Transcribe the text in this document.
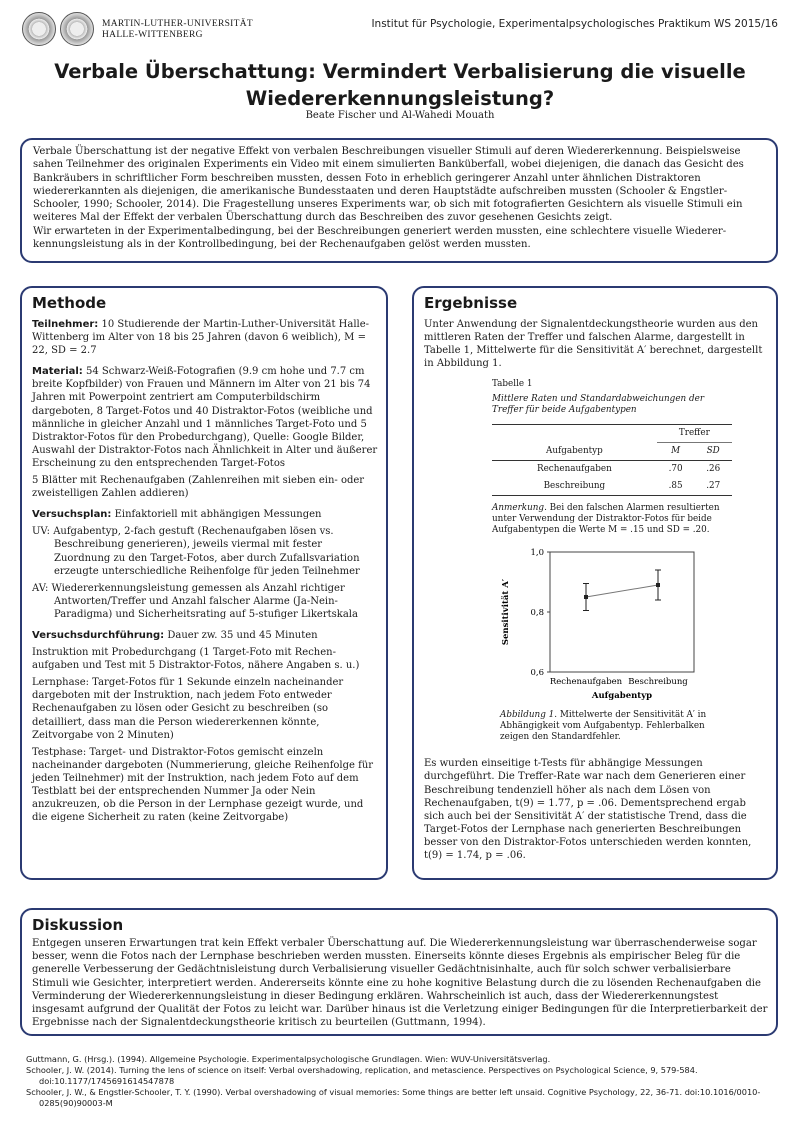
MARTIN-LUTHER-UNIVERSITÄT
HALLE-WITTENBERG
Institut für Psychologie, Experimentalpsychologisches Praktikum WS 2015/16
Verbale Überschattung: Vermindert Verbalisierung die visuelle
Wiedererkennungsleistung?
Beate Fischer und Al-Wahedi Mouath

Verbale Überschattung ist der negative Effekt von verbalen Beschreibungen visueller Stimuli auf deren Wiedererkennung. Beispielsweise sahen Teilnehmer des originalen Experiments ein Video mit einem simulierten Banküberfall, wobei diejenigen, die danach das Gesicht des Bankräubers in schriftlicher Form beschreiben mussten, dessen Foto in erheblich geringerer Anzahl unter ähnlichen Distraktoren wiedererkannten als diejenigen, die amerikanische Bundesstaaten und deren Hauptstädte aufschreiben mussten (Schooler & Engstler-Schooler, 1990; Schooler, 2014). Die Fragestellung unseres Experiments war, ob sich mit fotografierten Gesichtern als visuelle Stimuli ein weiteres Mal der Effekt der verbalen Überschattung durch das Beschreiben des zuvor gesehenen Gesichts zeigt.

Wir erwarteten in der Experimentalbedingung, bei der Beschreibungen generiert werden mussten, eine schlechtere visuelle Wiederer-kennungsleistung als in der Kontrollbedingung, bei der Rechenaufgaben gelöst werden mussten.

Methode
Teilnehmer: 10 Studierende der Martin-Luther-Universität Halle-Wittenberg im Alter von 18 bis 25 Jahren (davon 6 weiblich), M = 22, SD = 2.7
Material: 54 Schwarz-Weiß-Fotografien (9.9 cm hohe und 7.7 cm breite Kopfbilder) von Frauen und Männern im Alter von 21 bis 74 Jahren mit Powerpoint zentriert am Computerbildschirm dargeboten, 8 Target-Fotos und 40 Distraktor-Fotos (weibliche und männliche in gleicher Anzahl und 1 männliches Target-Foto und 5 Distraktor-Fotos für den Probedurchgang), Quelle: Google Bilder, Auswahl der Distraktor-Fotos nach Ähnlichkeit in Alter und äußerer Erscheinung zu den entsprechenden Target-Fotos
5 Blätter mit Rechenaufgaben (Zahlenreihen mit sieben ein- oder zweistelligen Zahlen addieren)
Versuchsplan: Einfaktoriell mit abhängigen Messungen
UV: Aufgabentyp, 2-fach gestuft (Rechenaufgaben lösen vs. Beschreibung generieren), jeweils viermal mit fester Zuordnung zu den Target-Fotos, aber durch Zufallsvariation erzeugte unterschiedliche Reihenfolge für jeden Teilnehmer
AV: Wiedererkennungsleistung gemessen als Anzahl richtiger Antworten/Treffer und Anzahl falscher Alarme (Ja-Nein-Paradigma) und Sicherheitsrating auf 5-stufiger Likertskala
Versuchsdurchführung: Dauer zw. 35 und 45 Minuten
Instruktion mit Probedurchgang (1 Target-Foto mit Rechen-aufgaben und Test mit 5 Distraktor-Fotos, nähere Angaben s. u.)
Lernphase: Target-Fotos für 1 Sekunde einzeln nacheinander dargeboten mit der Instruktion, nach jedem Foto entweder Rechenaufgaben zu lösen oder Gesicht zu beschreiben (so detailliert, dass man die Person wiedererkennen könnte, Zeitvorgabe von 2 Minuten)
Testphase: Target- und Distraktor-Fotos gemischt einzeln nacheinander dargeboten (Nummerierung, gleiche Reihenfolge für jeden Teilnehmer) mit der Instruktion, nach jedem Foto auf dem Testblatt bei der entsprechenden Nummer Ja oder Nein anzukreuzen, ob die Person in der Lernphase gezeigt wurde, und die eigene Sicherheit zu raten (keine Zeitvorgabe)
Ergebnisse
Unter Anwendung der Signalentdeckungstheorie wurden aus den mittleren Raten der Treffer und falschen Alarme, dargestellt in Tabelle 1, Mittelwerte für die Sensitivität A′ berechnet, dargestellt in Abbildung 1.
Tabelle 1
Mittlere Raten und Standardabweichungen der Treffer für beide Aufgabentypen
	Treffer	
Aufgabentyp	M	SD
Rechenaufgaben	.70	.26
Beschreibung	.85	.27
Anmerkung. Bei den falschen Alarmen resultierten unter Verwendung der Distraktor-Fotos für beide Aufgabentypen die Werte M = .15 und SD = .20.
1,0
0,8
0,6
Rechenaufgaben Beschreibung
Aufgabentyp
Sensitivität A′
Abbildung 1. Mittelwerte der Sensitivität A′ in Abhängigkeit vom Aufgabentyp. Fehlerbalken zeigen den Standardfehler.
Es wurden einseitige t-Tests für abhängige Messungen durchgeführt. Die Treffer-Rate war nach dem Generieren einer Beschreibung tendenziell höher als nach dem Lösen von Rechenaufgaben, t(9) = 1.77, p = .06. Dementsprechend ergab sich auch bei der Sensitivität A′ der statistische Trend, dass die Target-Fotos der Lernphase nach generierten Beschreibungen besser von den Distraktor-Fotos unterschieden werden konnten, t(9) = 1.74, p = .06.
Diskussion
Entgegen unseren Erwartungen trat kein Effekt verbaler Überschattung auf. Die Wiedererkennungsleistung war überraschenderweise sogar besser, wenn die Fotos nach der Lernphase beschrieben werden mussten. Einerseits könnte dieses Ergebnis als empirischer Beleg für die generelle Verbesserung der Gedächtnisleistung durch Verbalisierung visueller Gedächtnisinhalte, auch für solch schwer verbalisierbare Stimuli wie Gesichter, interpretiert werden. Andererseits könnte eine zu hohe kognitive Belastung durch die zu lösenden Rechenaufgaben die Verminderung der Wiedererkennungsleistung in dieser Bedingung erklären. Wahrscheinlich ist auch, dass der Wiedererkennungstest insgesamt aufgrund der Qualität der Fotos zu leicht war. Darüber hinaus ist die Verletzung einiger Bedingungen für die Interpretierbarkeit der Ergebnisse nach der Signalentdeckungstheorie kritisch zu beurteilen (Guttmann, 1994).
Guttmann, G. (Hrsg.). (1994). Allgemeine Psychologie. Experimentalpsychologische Grundlagen. Wien: WUV-Universitätsverlag.
Schooler, J. W. (2014). Turning the lens of science on itself: Verbal overshadowing, replication, and metascience. Perspectives on Psychological Science, 9, 579-584. doi:10.1177/1745691614547878
Schooler, J. W., & Engstler-Schooler, T. Y. (1990). Verbal overshadowing of visual memories: Some things are better left unsaid. Cognitive Psychology, 22, 36-71. doi:10.1016/0010-0285(90)90003-M
